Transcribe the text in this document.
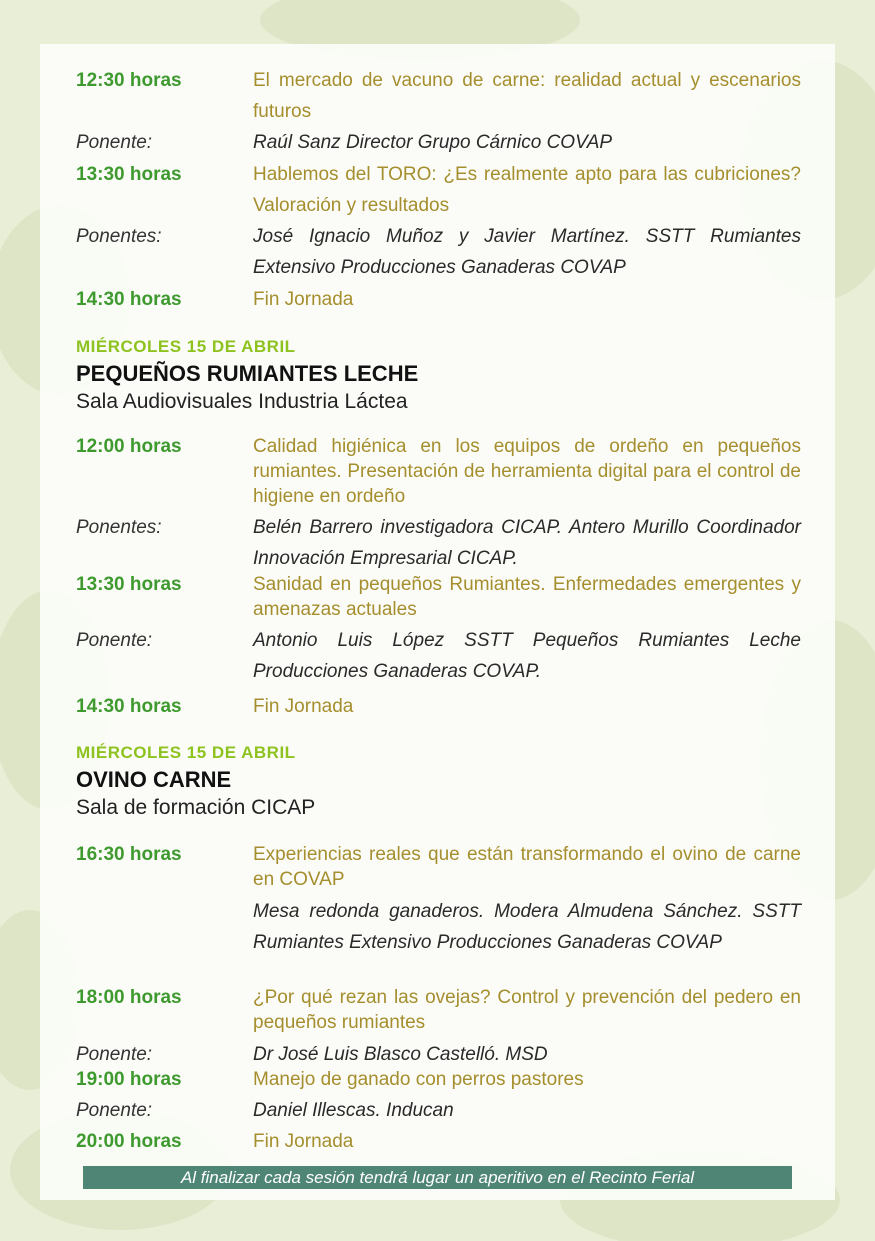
12:30 horas	El mercado de vacuno de carne: realidad actual y escenarios futuros
Ponente:	Raúl Sanz Director Grupo Cárnico COVAP
13:30 horas	Hablemos del TORO: ¿Es realmente apto para las cubriciones? Valoración y resultados
Ponentes:	José Ignacio Muñoz y Javier Martínez. SSTT Rumiantes Extensivo Producciones Ganaderas COVAP
14:30 horas	Fin Jornada
MIÉRCOLES 15 DE ABRIL
PEQUEÑOS RUMIANTES LECHE
Sala Audiovisuales Industria Láctea
12:00 horas	Calidad higiénica en los equipos de ordeño en pequeños rumiantes. Presentación de herramienta digital para el control de higiene en ordeño
Ponentes:	Belén Barrero investigadora CICAP. Antero Murillo Coordinador Innovación Empresarial CICAP.
13:30 horas	Sanidad en pequeños Rumiantes. Enfermedades emergentes y amenazas actuales
Ponente:	Antonio Luis López SSTT Pequeños Rumiantes Leche Producciones Ganaderas COVAP.
14:30 horas	Fin Jornada
MIÉRCOLES 15 DE ABRIL
OVINO CARNE
Sala de formación CICAP
16:30 horas	Experiencias reales que están transformando el ovino de carne en COVAP
Mesa redonda ganaderos. Modera Almudena Sánchez. SSTT Rumiantes Extensivo Producciones Ganaderas COVAP
18:00 horas	¿Por qué rezan las ovejas? Control y prevención del pedero en pequeños rumiantes
Ponente:	Dr José Luis Blasco Castelló. MSD
19:00 horas	Manejo de ganado con perros pastores
Ponente:	Daniel Illescas. Inducan
20:00 horas	Fin Jornada
Al finalizar cada sesión tendrá lugar un aperitivo en el Recinto Ferial
